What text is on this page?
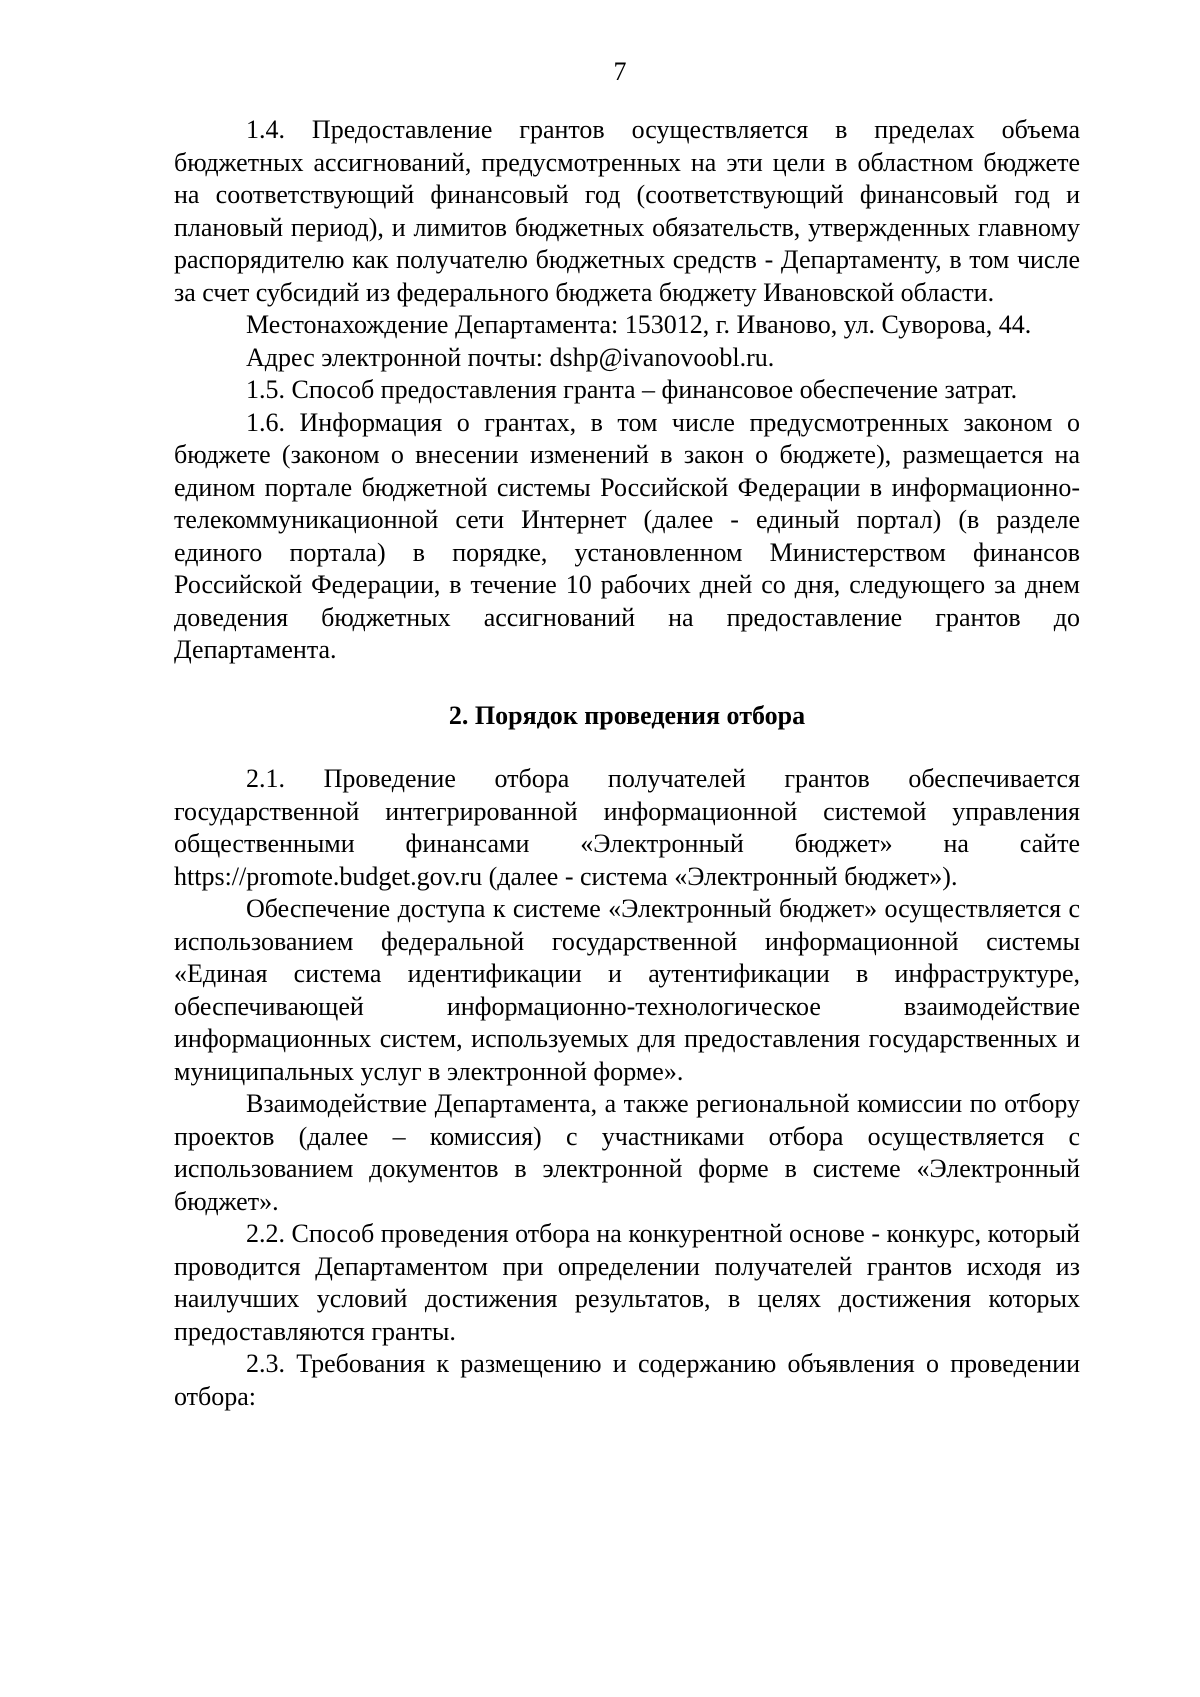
7

1.4. Предоставление грантов осуществляется в пределах объема бюджетных ассигнований, предусмотренных на эти цели в областном бюджете на соответствующий финансовый год (соответствующий финансовый год и плановый период), и лимитов бюджетных обязательств, утвержденных главному распорядителю как получателю бюджетных средств - Департаменту, в том числе за счет субсидий из федерального бюджета бюджету Ивановской области.

Местонахождение Департамента: 153012, г. Иваново, ул. Суворова, 44.

Адрес электронной почты: dshp@ivanovoobl.ru.

1.5. Способ предоставления гранта – финансовое обеспечение затрат.

1.6. Информация о грантах, в том числе предусмотренных законом о бюджете (законом о внесении изменений в закон о бюджете), размещается на едином портале бюджетной системы Российской Федерации в информационно-телекоммуникационной сети Интернет (далее - единый портал) (в разделе единого портала) в порядке, установленном Министерством финансов Российской Федерации, в течение 10 рабочих дней со дня, следующего за днем доведения бюджетных ассигнований на предоставление грантов до Департамента.

2. Порядок проведения отбора

2.1. Проведение отбора получателей грантов обеспечивается государственной интегрированной информационной системой управления общественными финансами «Электронный бюджет» на сайте https://promote.budget.gov.ru (далее - система «Электронный бюджет»).

Обеспечение доступа к системе «Электронный бюджет» осуществляется с использованием федеральной государственной информационной системы «Единая система идентификации и аутентификации в инфраструктуре, обеспечивающей информационно-технологическое взаимодействие информационных систем, используемых для предоставления государственных и муниципальных услуг в электронной форме».

Взаимодействие Департамента, а также региональной комиссии по отбору проектов (далее – комиссия) с участниками отбора осуществляется с использованием документов в электронной форме в системе «Электронный бюджет».

2.2. Способ проведения отбора на конкурентной основе - конкурс, который проводится Департаментом при определении получателей грантов исходя из наилучших условий достижения результатов, в целях достижения которых предоставляются гранты.

2.3. Требования к размещению и содержанию объявления о проведении отбора:
